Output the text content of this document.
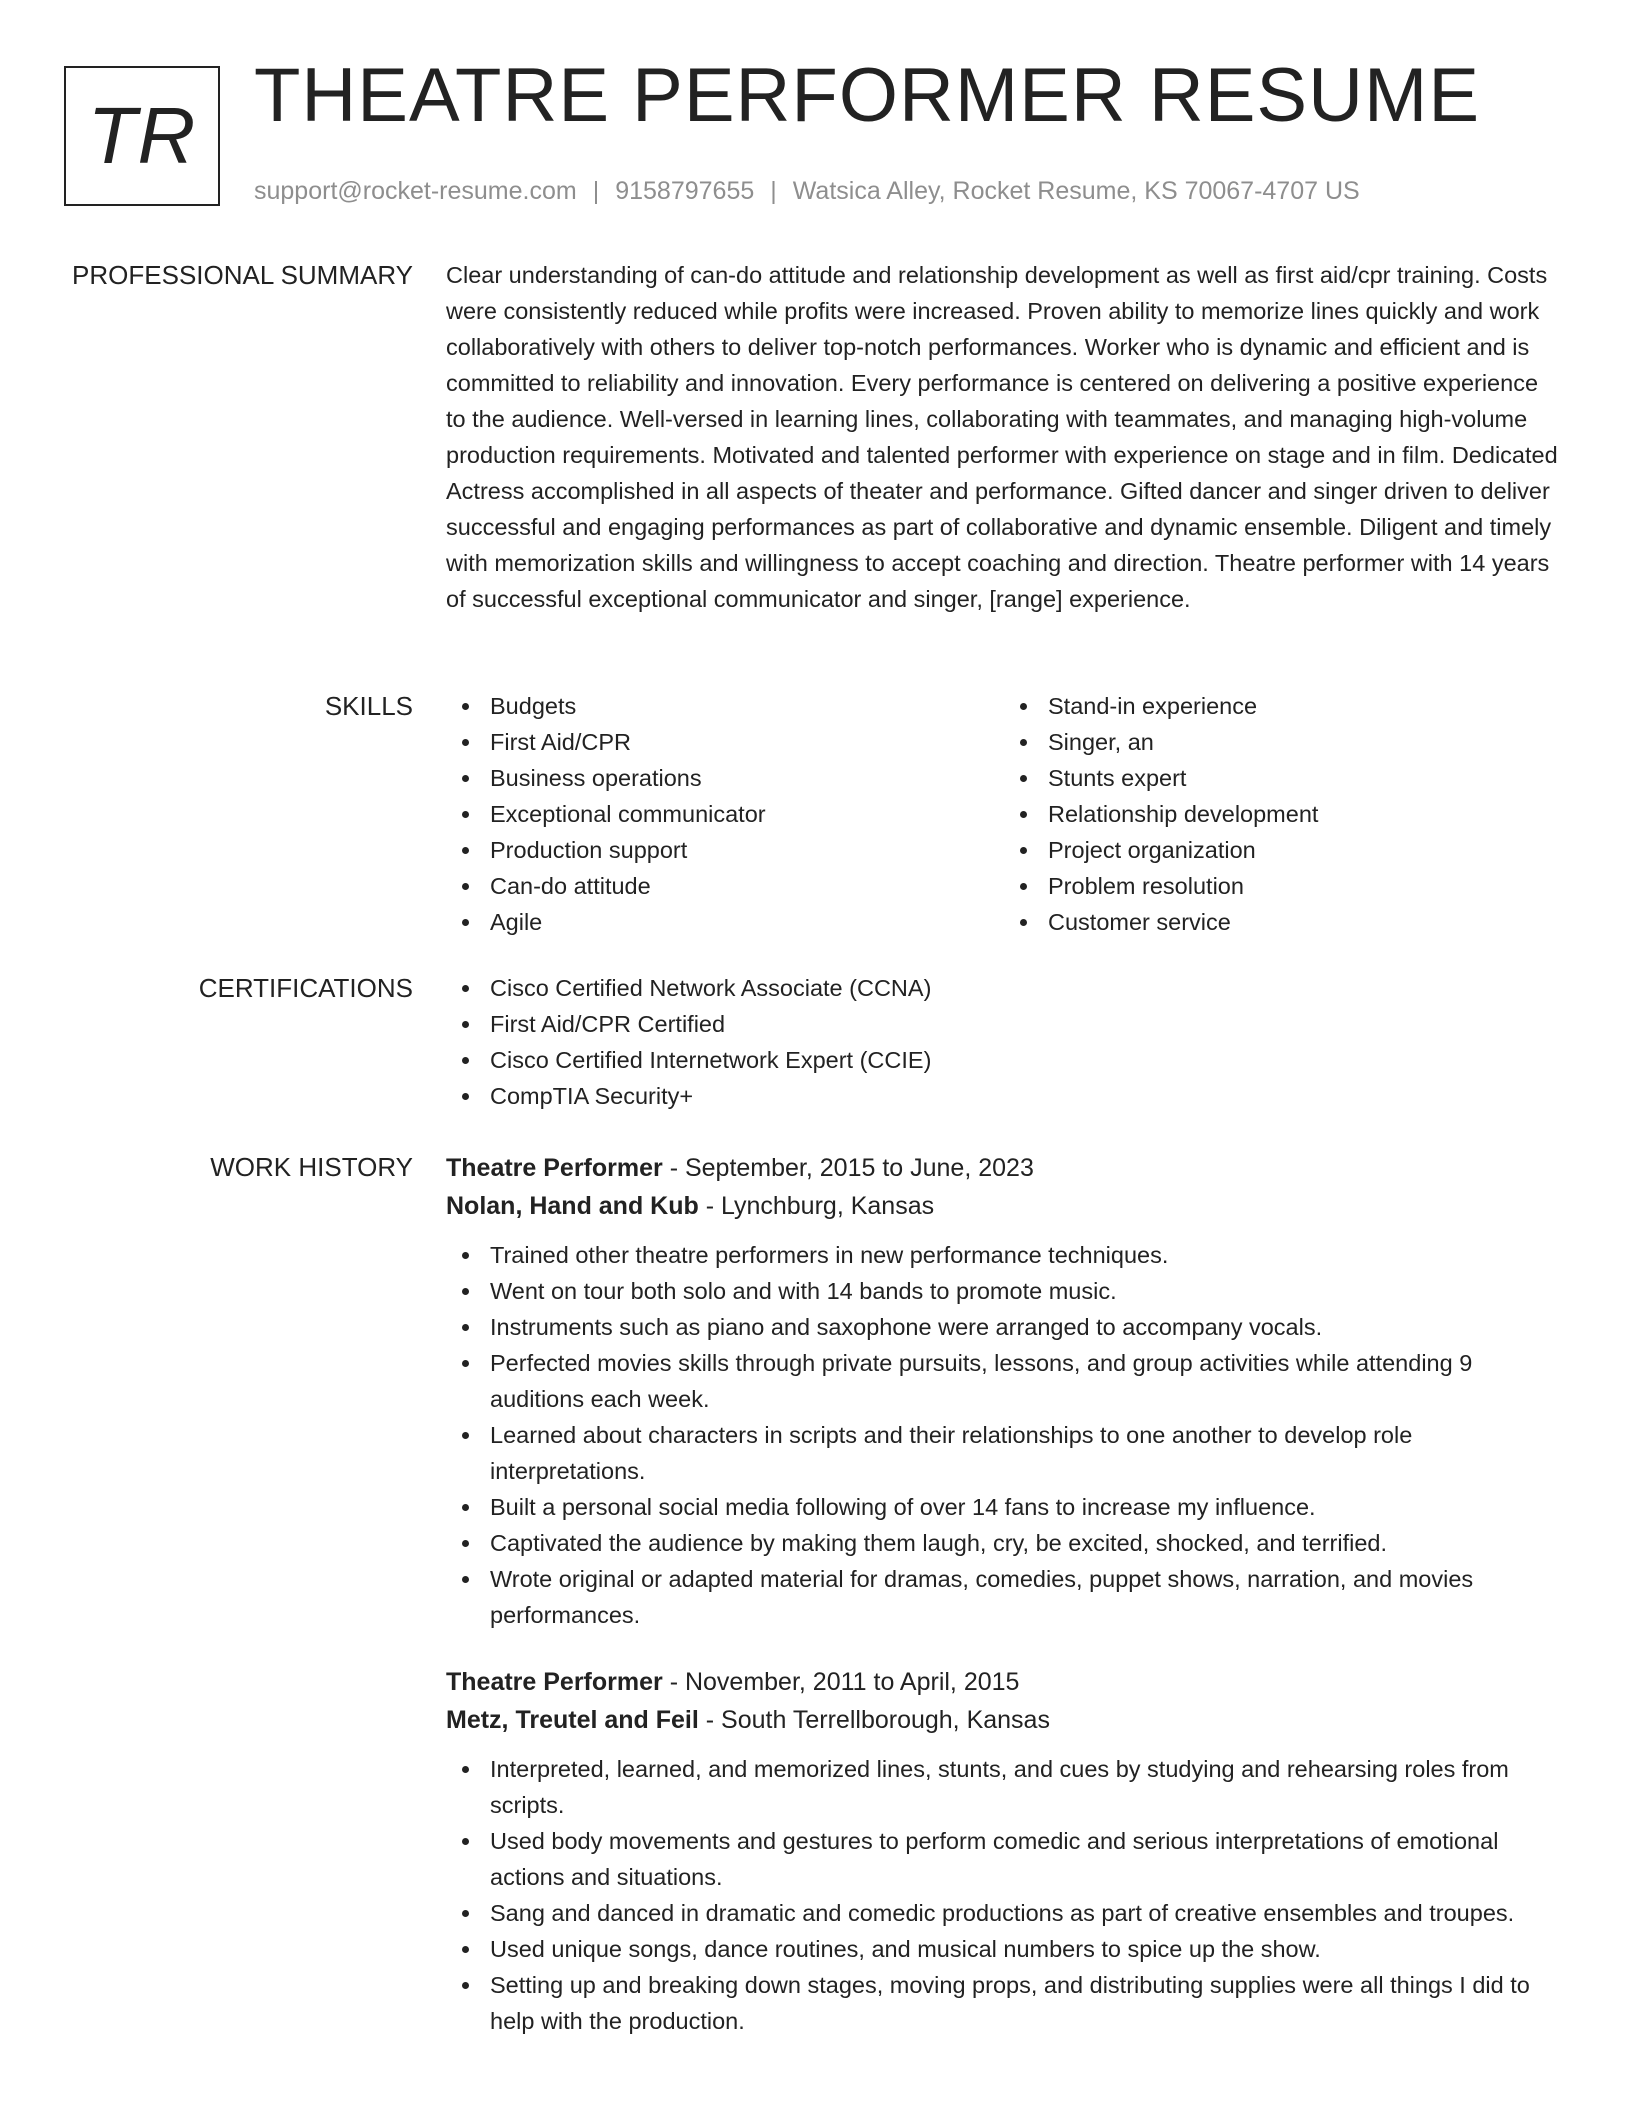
TR THEATRE PERFORMER RESUME
support@rocket-resume.com | 9158797655 | Watsica Alley, Rocket Resume, KS 70067-4707 US
PROFESSIONAL SUMMARY Clear understanding of can-do attitude and relationship development as well as first aid/cpr training. Costs were consistently reduced while profits were increased. Proven ability to memorize lines quickly and work collaboratively with others to deliver top-notch performances. Worker who is dynamic and efficient and is committed to reliability and innovation. Every performance is centered on delivering a positive experience to the audience. Well-versed in learning lines, collaborating with teammates, and managing high-volume production requirements. Motivated and talented performer with experience on stage and in film. Dedicated Actress accomplished in all aspects of theater and performance. Gifted dancer and singer driven to deliver successful and engaging performances as part of collaborative and dynamic ensemble. Diligent and timely with memorization skills and willingness to accept coaching and direction. Theatre performer with 14 years of successful exceptional communicator and singer, [range] experience.

SKILLS	Budgets
First Aid/CPR
Business operations
Exceptional communicator
Production support
Can-do attitude
Agile
Stand-in experience
Singer, an
Stunts expert
Relationship development
Project organization
Problem resolution
Customer service
CERTIFICATIONS	Cisco Certified Network Associate (CCNA)
First Aid/CPR Certified
Cisco Certified Internetwork Expert (CCIE)
CompTIA Security+
WORK HISTORY Theatre Performer - September, 2015 to June, 2023
Nolan, Hand and Kub - Lynchburg, Kansas
Trained other theatre performers in new performance techniques.
Went on tour both solo and with 14 bands to promote music.
Instruments such as piano and saxophone were arranged to accompany vocals.
Perfected movies skills through private pursuits, lessons, and group activities while attending 9 auditions each week.
Learned about characters in scripts and their relationships to one another to develop role interpretations.
Built a personal social media following of over 14 fans to increase my influence.
Captivated the audience by making them laugh, cry, be excited, shocked, and terrified.
Wrote original or adapted material for dramas, comedies, puppet shows, narration, and movies performances.
Theatre Performer - November, 2011 to April, 2015
Metz, Treutel and Feil - South Terrellborough, Kansas
Interpreted, learned, and memorized lines, stunts, and cues by studying and rehearsing roles from scripts.
Used body movements and gestures to perform comedic and serious interpretations of emotional actions and situations.
Sang and danced in dramatic and comedic productions as part of creative ensembles and troupes.
Used unique songs, dance routines, and musical numbers to spice up the show.
Setting up and breaking down stages, moving props, and distributing supplies were all things I did to help with the production.
